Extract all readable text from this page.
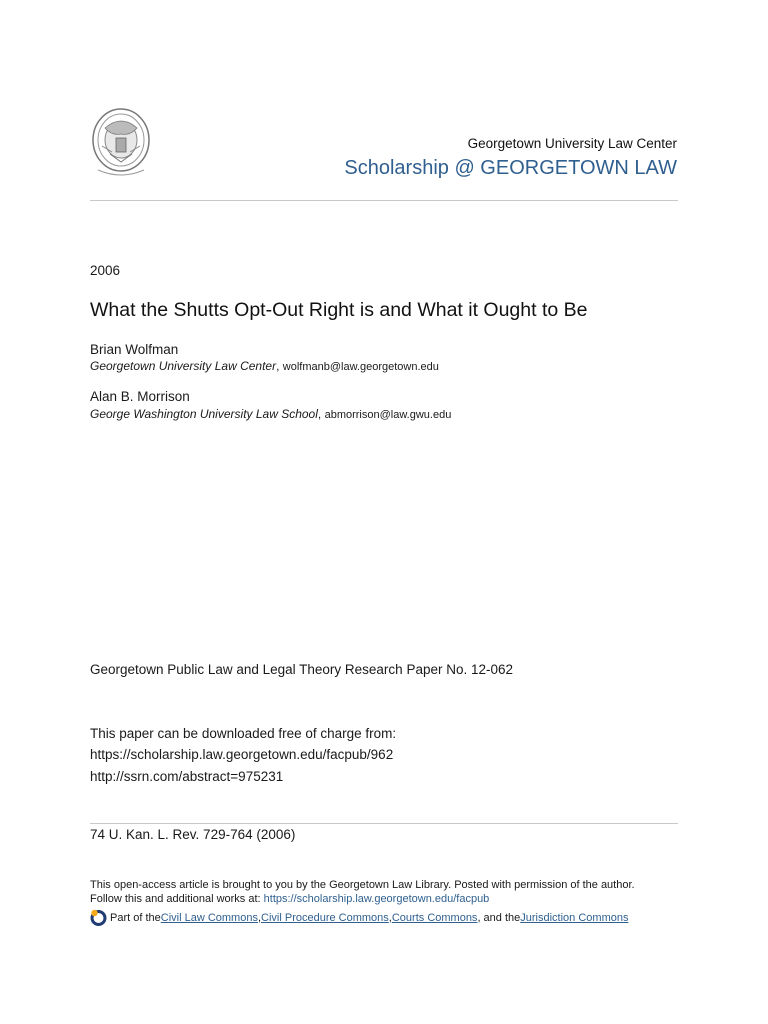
Georgetown University Law Center
Scholarship @ GEORGETOWN LAW
2006
What the Shutts Opt-Out Right is and What it Ought to Be
Brian Wolfman
Georgetown University Law Center, wolfmanb@law.georgetown.edu
Alan B. Morrison
George Washington University Law School, abmorrison@law.gwu.edu
Georgetown Public Law and Legal Theory Research Paper No. 12-062
This paper can be downloaded free of charge from:
https://scholarship.law.georgetown.edu/facpub/962
http://ssrn.com/abstract=975231
74 U. Kan. L. Rev. 729-764 (2006)
This open-access article is brought to you by the Georgetown Law Library. Posted with permission of the author.
Follow this and additional works at: https://scholarship.law.georgetown.edu/facpub
Part of the Civil Law Commons , Civil Procedure Commons , Courts Commons , and the Jurisdiction Commons
